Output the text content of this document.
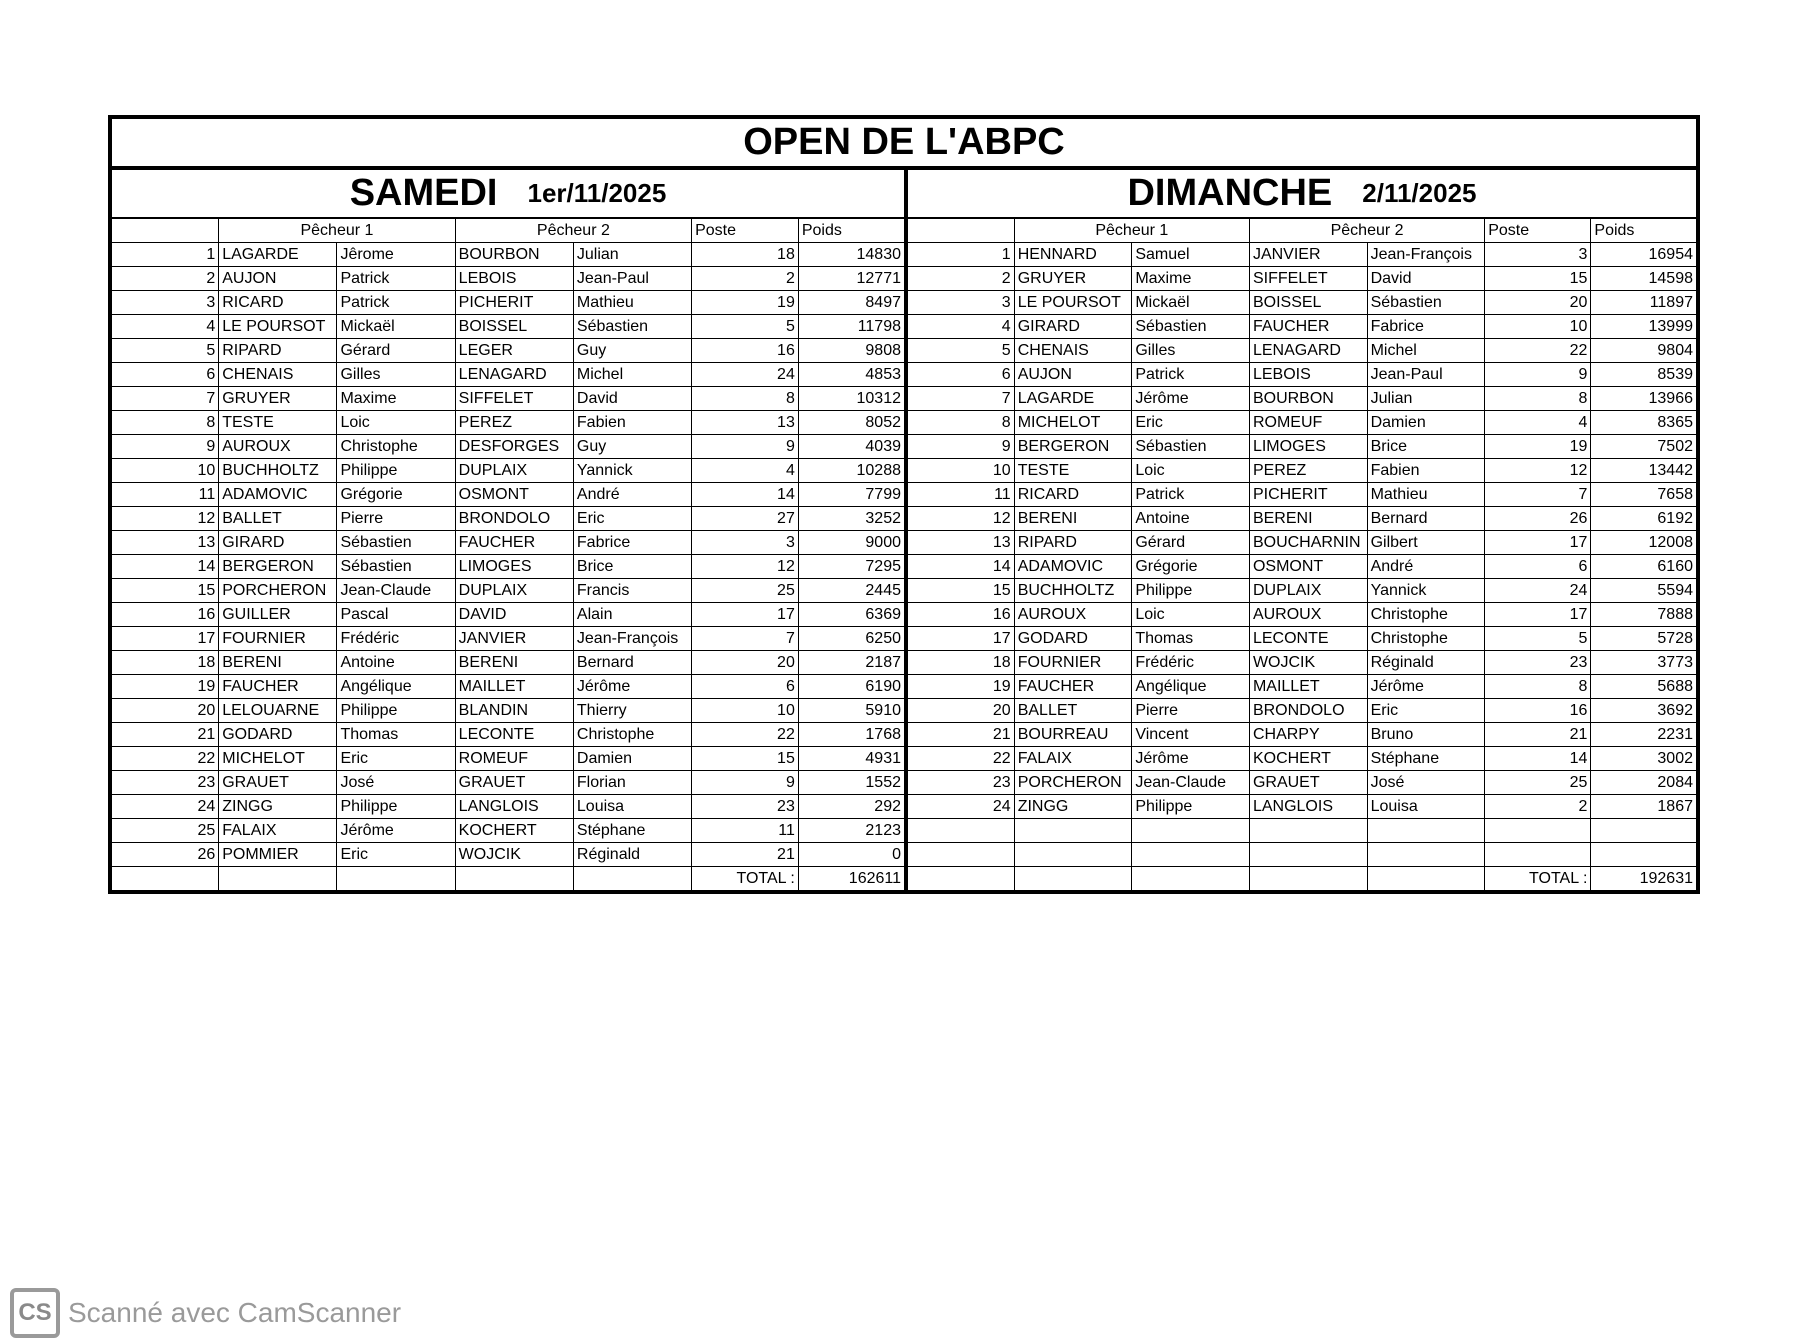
OPEN DE L'ABPC
SAMEDI 1er/11/2025	DIMANCHE 2/11/2025
	Pêcheur 1		Pêcheur 2		Poste	Poids
1	LAGARDE	Jêrome	BOURBON	Julian	18	14830
2	AUJON	Patrick	LEBOIS	Jean-Paul	2	12771
3	RICARD	Patrick	PICHERIT	Mathieu	19	8497
4	LE POURSOT	Mickaël	BOISSEL	Sébastien	5	11798
5	RIPARD	Gérard	LEGER	Guy	16	9808
6	CHENAIS	Gilles	LENAGARD	Michel	24	4853
7	GRUYER	Maxime	SIFFELET	David	8	10312
8	TESTE	Loic	PEREZ	Fabien	13	8052
9	AUROUX	Christophe	DESFORGES	Guy	9	4039
10	BUCHHOLTZ	Philippe	DUPLAIX	Yannick	4	10288
11	ADAMOVIC	Grégorie	OSMONT	André	14	7799
12	BALLET	Pierre	BRONDOLO	Eric	27	3252
13	GIRARD	Sébastien	FAUCHER	Fabrice	3	9000
14	BERGERON	Sébastien	LIMOGES	Brice	12	7295
15	PORCHERON	Jean-Claude	DUPLAIX	Francis	25	2445
16	GUILLER	Pascal	DAVID	Alain	17	6369
17	FOURNIER	Frédéric	JANVIER	Jean-François	7	6250
18	BERENI	Antoine	BERENI	Bernard	20	2187
19	FAUCHER	Angélique	MAILLET	Jérôme	6	6190
20	LELOUARNE	Philippe	BLANDIN	Thierry	10	5910
21	GODARD	Thomas	LECONTE	Christophe	22	1768
22	MICHELOT	Eric	ROMEUF	Damien	15	4931
23	GRAUET	José	GRAUET	Florian	9	1552
24	ZINGG	Philippe	LANGLOIS	Louisa	23	292
25	FALAIX	Jérôme	KOCHERT	Stéphane	11	2123
26	POMMIER	Eric	WOJCIK	Réginald	21	0
					TOTAL :	162611
	Pêcheur 1		Pêcheur 2		Poste	Poids
1	HENNARD	Samuel	JANVIER	Jean-François	3	16954
2	GRUYER	Maxime	SIFFELET	David	15	14598
3	LE POURSOT	Mickaël	BOISSEL	Sébastien	20	11897
4	GIRARD	Sébastien	FAUCHER	Fabrice	10	13999
5	CHENAIS	Gilles	LENAGARD	Michel	22	9804
6	AUJON	Patrick	LEBOIS	Jean-Paul	9	8539
7	LAGARDE	Jérôme	BOURBON	Julian	8	13966
8	MICHELOT	Eric	ROMEUF	Damien	4	8365
9	BERGERON	Sébastien	LIMOGES	Brice	19	7502
10	TESTE	Loic	PEREZ	Fabien	12	13442
11	RICARD	Patrick	PICHERIT	Mathieu	7	7658
12	BERENI	Antoine	BERENI	Bernard	26	6192
13	RIPARD	Gérard	BOUCHARNIN	Gilbert	17	12008
14	ADAMOVIC	Grégorie	OSMONT	André	6	6160
15	BUCHHOLTZ	Philippe	DUPLAIX	Yannick	24	5594
16	AUROUX	Loic	AUROUX	Christophe	17	7888
17	GODARD	Thomas	LECONTE	Christophe	5	5728
18	FOURNIER	Frédéric	WOJCIK	Réginald	23	3773
19	FAUCHER	Angélique	MAILLET	Jérôme	8	5688
20	BALLET	Pierre	BRONDOLO	Eric	16	3692
21	BOURREAU	Vincent	CHARPY	Bruno	21	2231
22	FALAIX	Jérôme	KOCHERT	Stéphane	14	3002
23	PORCHERON	Jean-Claude	GRAUET	José	25	2084
24	ZINGG	Philippe	LANGLOIS	Louisa	2	1867

					TOTAL :	192631
CS Scanné avec CamScanner
